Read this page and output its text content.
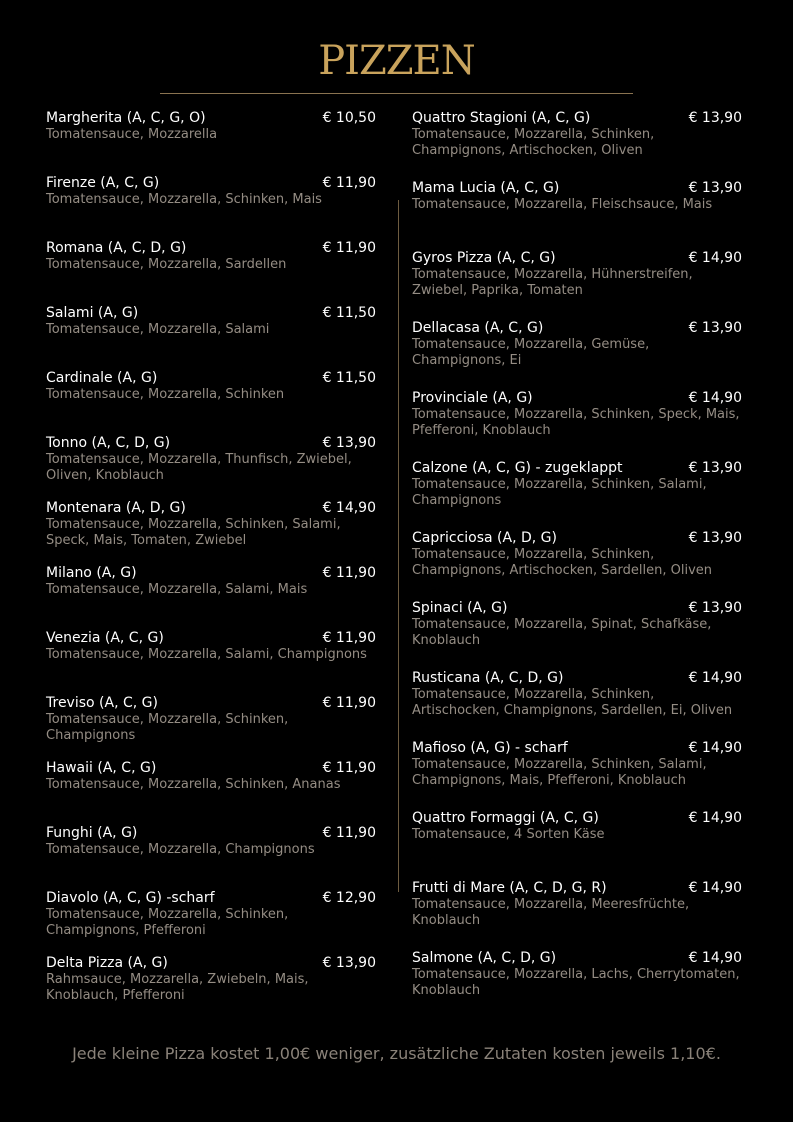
PIZZEN
Margherita (A, C, G, O)	€ 10,50
Tomatensauce, Mozzarella
Firenze (A, C, G)	€ 11,90
Tomatensauce, Mozzarella, Schinken, Mais
Romana (A, C, D, G)	€ 11,90
Tomatensauce, Mozzarella, Sardellen
Salami (A, G)	€ 11,50
Tomatensauce, Mozzarella, Salami
Cardinale (A, G)	€ 11,50
Tomatensauce, Mozzarella, Schinken
Tonno (A, C, D, G)	€ 13,90
Tomatensauce, Mozzarella, Thunfisch, Zwiebel, Oliven, Knoblauch
Montenara (A, D, G)	€ 14,90
Tomatensauce, Mozzarella, Schinken, Salami, Speck, Mais, Tomaten, Zwiebel
Milano (A, G)	€ 11,90
Tomatensauce, Mozzarella, Salami, Mais
Venezia (A, C, G)	€ 11,90
Tomatensauce, Mozzarella, Salami, Champignons
Treviso (A, C, G)	€ 11,90
Tomatensauce, Mozzarella, Schinken, Champignons
Hawaii (A, C, G)	€ 11,90
Tomatensauce, Mozzarella, Schinken, Ananas
Funghi (A, G)	€ 11,90
Tomatensauce, Mozzarella, Champignons
Diavolo (A, C, G) -scharf	€ 12,90
Tomatensauce, Mozzarella, Schinken, Champignons, Pfefferoni
Delta Pizza (A, G)	€ 13,90
Rahmsauce, Mozzarella, Zwiebeln, Mais, Knoblauch, Pfefferoni
Quattro Stagioni (A, C, G)	€ 13,90
Tomatensauce, Mozzarella, Schinken, Champignons, Artischocken, Oliven
Mama Lucia (A, C, G)	€ 13,90
Tomatensauce, Mozzarella, Fleischsauce, Mais
Gyros Pizza (A, C, G)	€ 14,90
Tomatensauce, Mozzarella, Hühnerstreifen, Zwiebel, Paprika, Tomaten
Dellacasa (A, C, G)	€ 13,90
Tomatensauce, Mozzarella, Gemüse, Champignons, Ei
Provinciale (A, G)	€ 14,90
Tomatensauce, Mozzarella, Schinken, Speck, Mais, Pfefferoni, Knoblauch
Calzone (A, C, G) - zugeklappt	€ 13,90
Tomatensauce, Mozzarella, Schinken, Salami, Champignons
Capricciosa (A, D, G)	€ 13,90
Tomatensauce, Mozzarella, Schinken, Champignons, Artischocken, Sardellen, Oliven
Spinaci (A, G)	€ 13,90
Tomatensauce, Mozzarella, Spinat, Schafkäse, Knoblauch
Rusticana (A, C, D, G)	€ 14,90
Tomatensauce, Mozzarella, Schinken, Artischocken, Champignons, Sardellen, Ei, Oliven
Mafioso (A, G) - scharf	€ 14,90
Tomatensauce, Mozzarella, Schinken, Salami, Champignons, Mais, Pfefferoni, Knoblauch
Quattro Formaggi (A, C, G)	€ 14,90
Tomatensauce, 4 Sorten Käse
Frutti di Mare (A, C, D, G, R)	€ 14,90
Tomatensauce, Mozzarella, Meeresfrüchte, Knoblauch
Salmone (A, C, D, G)	€ 14,90
Tomatensauce, Mozzarella, Lachs, Cherrytomaten, Knoblauch
Jede kleine Pizza kostet 1,00€ weniger, zusätzliche Zutaten kosten jeweils 1,10€.
